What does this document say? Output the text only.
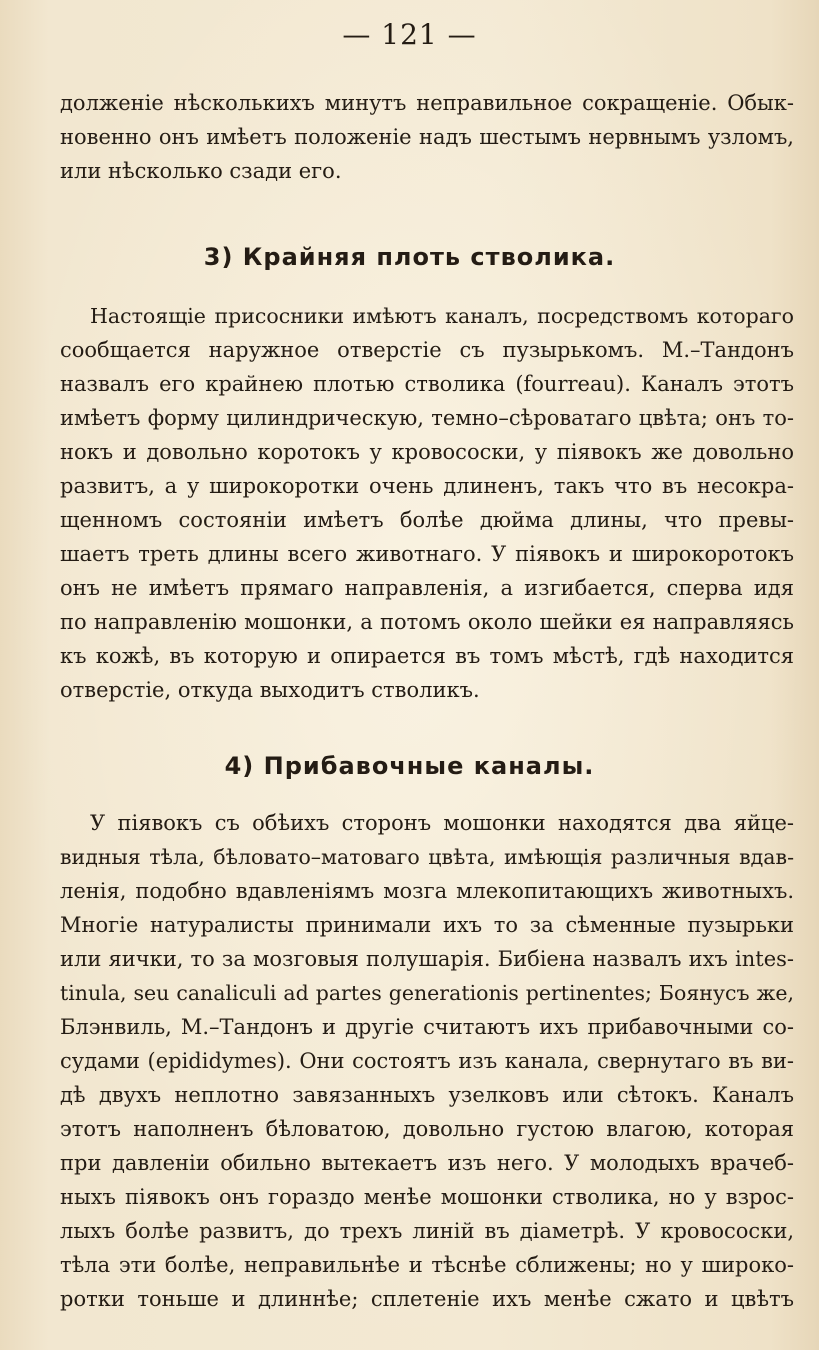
— 121 —
долженіе нѣсколькихъ минутъ неправильное сокращеніе. Обык-
новенно онъ имѣетъ положеніе надъ шестымъ нервнымъ узломъ,
или нѣсколько сзади его.
3) Крайняя плоть стволика.
Настоящіе присосники имѣютъ каналъ, посредствомъ котораго
сообщается наружное отверстіе съ пузырькомъ. М.–Тандонъ
назвалъ его крайнею плотью стволика (fourreau). Каналъ этотъ
имѣетъ форму цилиндрическую, темно–сѣроватаго цвѣта; онъ то-
нокъ и довольно коротокъ у кровососки, у піявокъ же довольно
развитъ, а у широкоротки очень длиненъ, такъ что въ несокра-
щенномъ состояніи имѣетъ болѣе дюйма длины, что превы-
шаетъ треть длины всего животнаго. У піявокъ и широкоротокъ
онъ не имѣетъ прямаго направленія, а изгибается, сперва идя
по направленію мошонки, а потомъ около шейки ея направляясь
къ кожѣ, въ которую и опирается въ томъ мѣстѣ, гдѣ находится
отверстіе, откуда выходитъ стволикъ.
4) Прибавочные каналы.
У піявокъ съ обѣихъ сторонъ мошонки находятся два яйце-
видныя тѣла, бѣловато–матоваго цвѣта, имѣющія различныя вдав-
ленія, подобно вдавленіямъ мозга млекопитающихъ животныхъ.
Многіе натуралисты принимали ихъ то за сѣменные пузырьки
или яички, то за мозговыя полушарія. Бибіена назвалъ ихъ intes-
tinula, seu canaliculi ad partes generationis pertinentes; Боянусъ же,
Блэнвиль, М.–Тандонъ и другіе считаютъ ихъ прибавочными со-
судами (epididymes). Они состоятъ изъ канала, свернутаго въ ви-
дѣ двухъ неплотно завязанныхъ узелковъ или сѣтокъ. Каналъ
этотъ наполненъ бѣловатою, довольно густою влагою, которая
при давленіи обильно вытекаетъ изъ него. У молодыхъ врачеб-
ныхъ піявокъ онъ гораздо менѣе мошонки стволика, но у взрос-
лыхъ болѣе развитъ, до трехъ линій въ діаметрѣ. У кровососки,
тѣла эти болѣе, неправильнѣе и тѣснѣе сближены; но у широко-
ротки тоньше и длиннѣе; сплетеніе ихъ менѣе сжато и цвѣтъ
